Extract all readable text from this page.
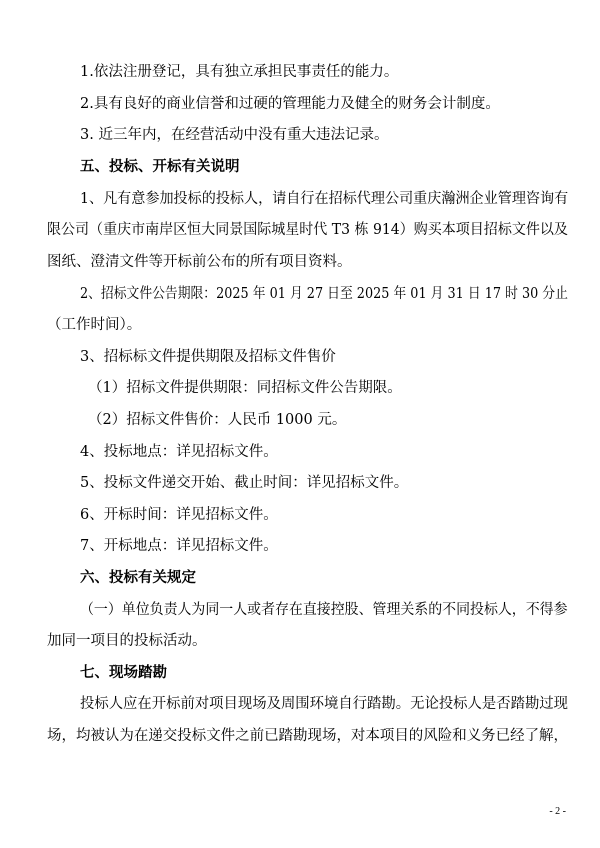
1.依法注册登记，具有独立承担民事责任的能力。
2.具有良好的商业信誉和过硬的管理能力及健全的财务会计制度。
3. 近三年内，在经营活动中没有重大违法记录。
五、投标、开标有关说明
1、凡有意参加投标的投标人，请自行在招标代理公司重庆瀚洲企业管理咨询有
限公司（重庆市南岸区恒大同景国际城星时代 T3 栋 914）购买本项目招标文件以及
图纸、澄清文件等开标前公布的所有项目资料。
2、招标文件公告期限：2025 年 01 月 27 日至 2025 年 01 月 31 日 17 时 30 分止
（工作时间）。
3、招标标文件提供期限及招标文件售价
（1）招标文件提供期限：同招标文件公告期限。
（2）招标文件售价：人民币 1000 元。
4、投标地点：详见招标文件。
5、投标文件递交开始、截止时间：详见招标文件。
6、开标时间：详见招标文件。
7、开标地点：详见招标文件。
六、投标有关规定
（一）单位负责人为同一人或者存在直接控股、管理关系的不同投标人，不得参
加同一项目的投标活动。
七、现场踏勘
投标人应在开标前对项目现场及周围环境自行踏勘。无论投标人是否踏勘过现
场，均被认为在递交投标文件之前已踏勘现场，对本项目的风险和义务已经了解，
- 2 -
